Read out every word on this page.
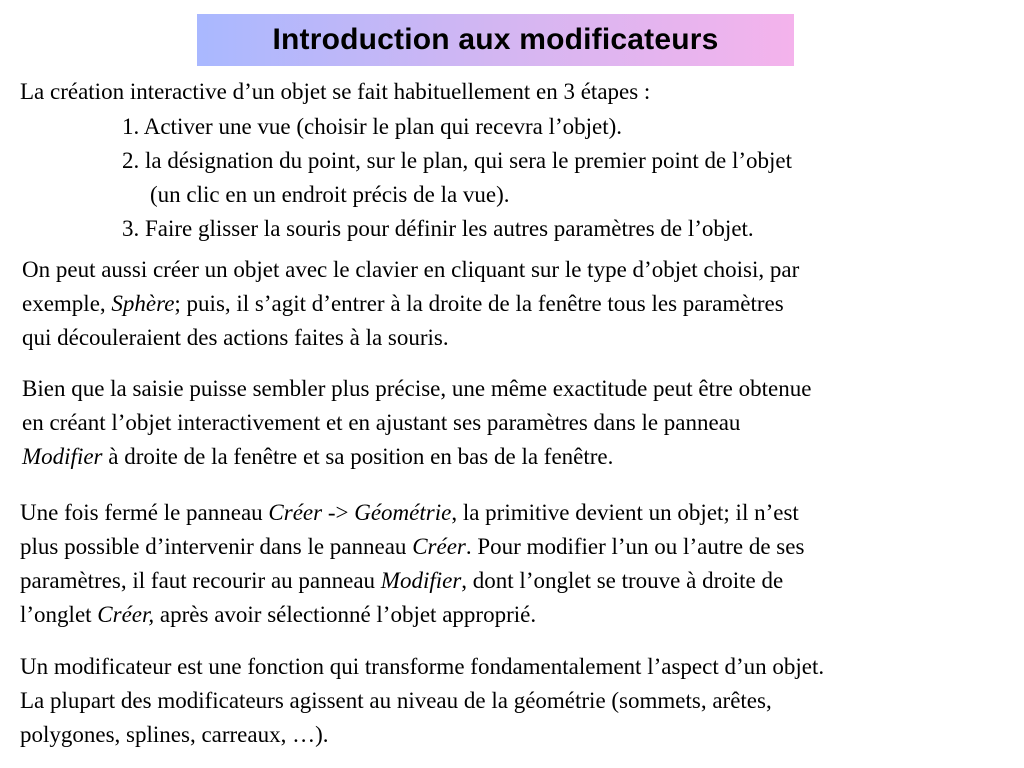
Introduction aux modificateurs
La création interactive d’un objet se fait habituellement en 3 étapes :
1. Activer une vue (choisir le plan qui recevra l’objet).
2. la désignation du point, sur le plan, qui sera le premier point de l’objet
(un clic en un endroit précis de la vue).
3. Faire glisser la souris pour définir les autres paramètres de l’objet.
On peut aussi créer un objet avec le clavier en cliquant sur le type d’objet choisi, par
exemple, Sphère; puis, il s’agit d’entrer à la droite de la fenêtre tous les paramètres
qui découleraient des actions faites à la souris.
Bien que la saisie puisse sembler plus précise, une même exactitude peut être obtenue
en créant l’objet interactivement et en ajustant ses paramètres dans le panneau
Modifier à droite de la fenêtre et sa position en bas de la fenêtre.
Une fois fermé le panneau Créer -> Géométrie, la primitive devient un objet; il n’est
plus possible d’intervenir dans le panneau Créer. Pour modifier l’un ou l’autre de ses
paramètres, il faut recourir au panneau Modifier, dont l’onglet se trouve à droite de
l’onglet Créer, après avoir sélectionné l’objet approprié.
Un modificateur est une fonction qui transforme fondamentalement l’aspect d’un objet.
La plupart des modificateurs agissent au niveau de la géométrie (sommets, arêtes,
polygones, splines, carreaux, …).
